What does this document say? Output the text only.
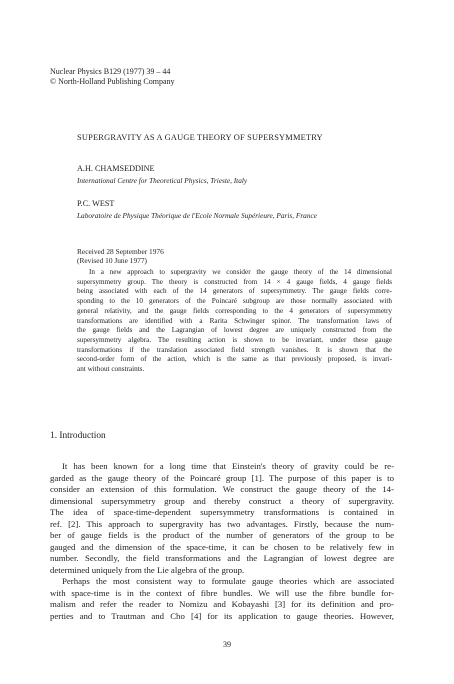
Nuclear Physics B129 (1977) 39 – 44
© North-Holland Publishing Company
SUPERGRAVITY AS A GAUGE THEORY OF SUPERSYMMETRY
A.H. CHAMSEDDINE
International Centre for Theoretical Physics, Trieste, Italy
P.C. WEST
Laboratoire de Physique Théorique de l'Ecole Normale Supérieure, Paris, France
Received 28 September 1976
(Revised 10 June 1977)
In a new approach to supergravity we consider the gauge theory of the 14 dimensional
supersymmetry group. The theory is constructed from 14 × 4 gauge fields, 4 gauge fields
being associated with each of the 14 generators of supersymmetry. The gauge fields corre-
sponding to the 10 generators of the Poincaré subgroup are those normally associated with
general relativity, and the gauge fields corresponding to the 4 generators of supersymmetry
transformations are identified with a Rarita Schwinger spinor. The transformation laws of
the gauge fields and the Lagrangian of lowest degree are uniquely constructed from the
supersymmetry algebra. The resulting action is shown to be invariant, under these gauge
transformations if the translation associated field strength vanishes. It is shown that the
second-order form of the action, which is the same as that previously proposed, is invari-
ant without constraints.
1. Introduction
It has been known for a long time that Einstein's theory of gravity could be re-
garded as the gauge theory of the Poincaré group [1]. The purpose of this paper is to
consider an extension of this formulation. We construct the gauge theory of the 14-
dimensional supersymmetry group and thereby construct a theory of supergravity.
The idea of space-time-dependent supersymmetry transformations is contained in
ref. [2]. This approach to supergravity has two advantages. Firstly, because the num-
ber of gauge fields is the product of the number of generators of the group to be
gauged and the dimension of the space-time, it can be chosen to be relatively few in
number. Secondly, the field transformations and the Lagrangian of lowest degree are
determined uniquely from the Lie algebra of the group.
Perhaps the most consistent way to formulate gauge theories which are associated
with space-time is in the context of fibre bundles. We will use the fibre bundle for-
malism and refer the reader to Nomizu and Kobayashi [3] for its definition and pro-
perties and to Trautman and Cho [4] for its application to gauge theories. However,
39
